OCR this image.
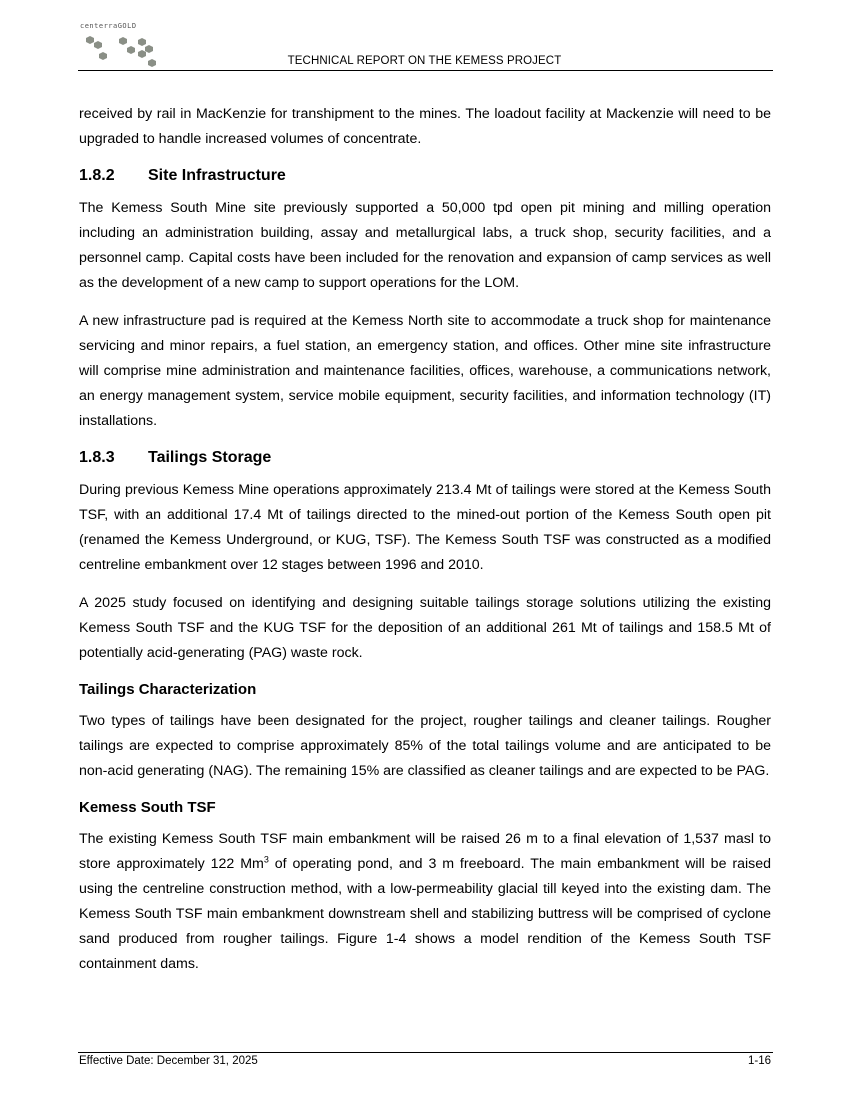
centerraGOLD
TECHNICAL REPORT ON THE KEMESS PROJECT

received by rail in MacKenzie for transhipment to the mines. The loadout facility at Mackenzie will need to be upgraded to handle increased volumes of concentrate.

1.8.2 Site Infrastructure

The Kemess South Mine site previously supported a 50,000 tpd open pit mining and milling operation including an administration building, assay and metallurgical labs, a truck shop, security facilities, and a personnel camp. Capital costs have been included for the renovation and expansion of camp services as well as the development of a new camp to support operations for the LOM.

A new infrastructure pad is required at the Kemess North site to accommodate a truck shop for maintenance servicing and minor repairs, a fuel station, an emergency station, and offices. Other mine site infrastructure will comprise mine administration and maintenance facilities, offices, warehouse, a communications network, an energy management system, service mobile equipment, security facilities, and information technology (IT) installations.

1.8.3 Tailings Storage

During previous Kemess Mine operations approximately 213.4 Mt of tailings were stored at the Kemess South TSF, with an additional 17.4 Mt of tailings directed to the mined-out portion of the Kemess South open pit (renamed the Kemess Underground, or KUG, TSF). The Kemess South TSF was constructed as a modified centreline embankment over 12 stages between 1996 and 2010.

A 2025 study focused on identifying and designing suitable tailings storage solutions utilizing the existing Kemess South TSF and the KUG TSF for the deposition of an additional 261 Mt of tailings and 158.5 Mt of potentially acid-generating (PAG) waste rock.

Tailings Characterization

Two types of tailings have been designated for the project, rougher tailings and cleaner tailings. Rougher tailings are expected to comprise approximately 85% of the total tailings volume and are anticipated to be non-acid generating (NAG). The remaining 15% are classified as cleaner tailings and are expected to be PAG.

Kemess South TSF

The existing Kemess South TSF main embankment will be raised 26 m to a final elevation of 1,537 masl to store approximately 122 Mm$^3$ of operating pond, and 3 m freeboard. The main embankment will be raised using the centreline construction method, with a low-permeability glacial till keyed into the existing dam. The Kemess South TSF main embankment downstream shell and stabilizing buttress will be comprised of cyclone sand produced from rougher tailings. Figure 1-4 shows a model rendition of the Kemess South TSF containment dams.

Effective Date: December 31, 2025	1-16
